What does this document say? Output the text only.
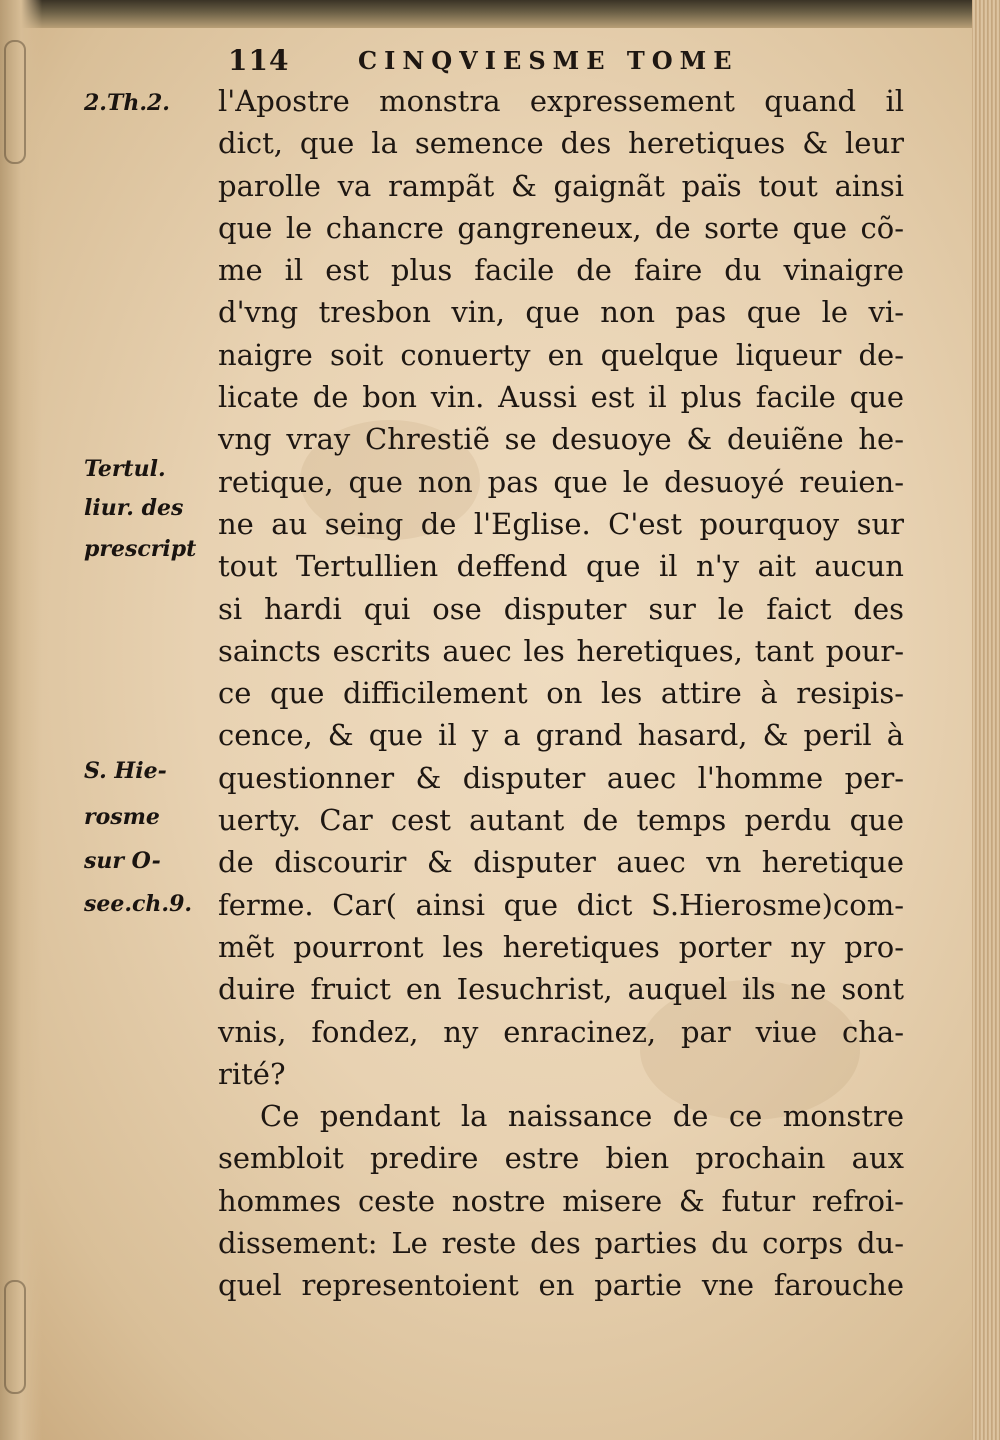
114	CINQVIESME TOME
2.Th.2.
Tertul.
liur. des
prescript
S. Hie-
rosme
sur O-
see.ch.9.
l'Apostre monstra expressement quand il
dict, que la semence des heretiques & leur
parolle va rampãt & gaignãt païs tout ainsi
que le chancre gangreneux, de sorte que cõ-
me il est plus facile de faire du vinaigre
d'vng tresbon vin, que non pas que le vi-
naigre soit conuerty en quelque liqueur de-
licate de bon vin. Aussi est il plus facile que
vng vray Chrestiẽ se desuoye & deuiẽne he-
retique, que non pas que le desuoyé reuien-
ne au seing de l'Eglise. C'est pourquoy sur
tout Tertullien deffend que il n'y ait aucun
si hardi qui ose disputer sur le faict des
saincts escrits auec les heretiques, tant pour-
ce que difficilement on les attire à resipis-
cence, & que il y a grand hasard, & peril à
questionner & disputer auec l'homme per-
uerty. Car cest autant de temps perdu que
de discourir & disputer auec vn heretique
ferme. Car( ainsi que dict S.Hierosme)com-
mẽt pourront les heretiques porter ny pro-
duire fruict en Iesuchrist, auquel ils ne sont
vnis, fondez, ny enracinez, par viue cha-
rité?
Ce pendant la naissance de ce monstre
sembloit predire estre bien prochain aux
hommes ceste nostre misere & futur refroi-
dissement: Le reste des parties du corps du-
quel representoient en partie vne farouche
